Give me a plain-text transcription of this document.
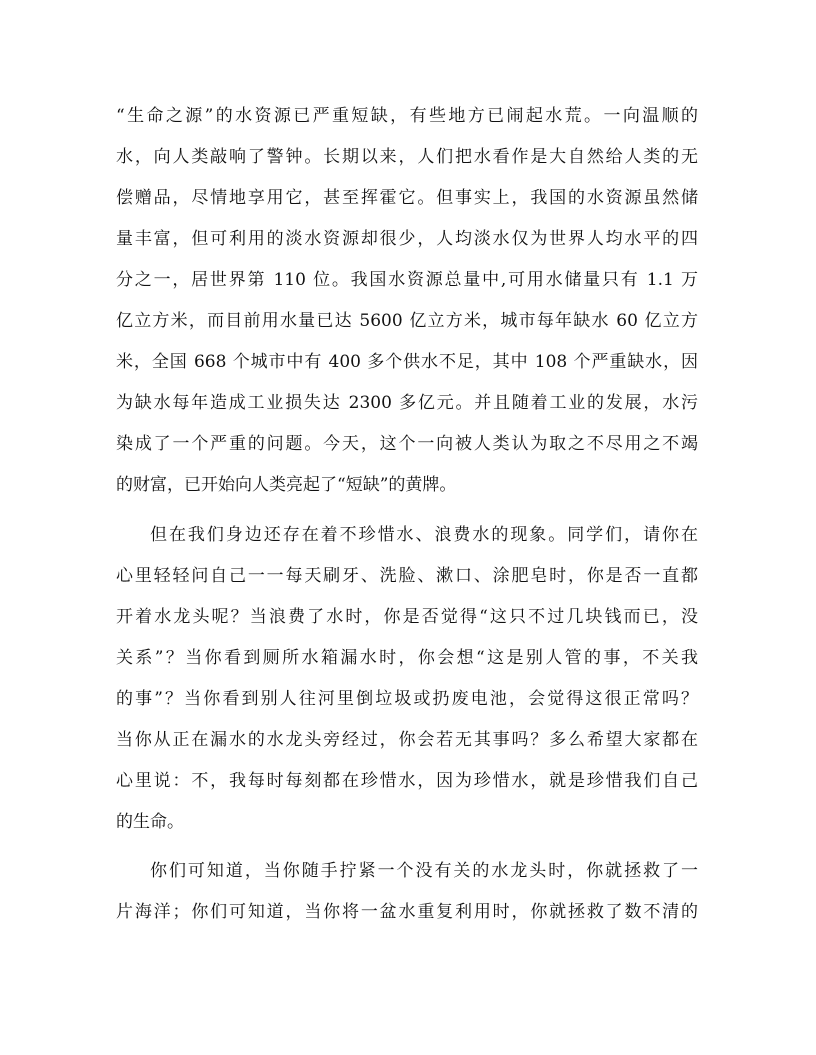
“生命之源”的水资源已严重短缺，有些地方已闹起水荒。一向温顺的
水，向人类敲响了警钟。长期以来，人们把水看作是大自然给人类的无
偿赠品，尽情地享用它，甚至挥霍它。但事实上，我国的水资源虽然储
量丰富，但可利用的淡水资源却很少，人均淡水仅为世界人均水平的四
分之一，居世界第 110 位。我国水资源总量中,可用水储量只有 1.1 万
亿立方米，而目前用水量已达 5600 亿立方米，城市每年缺水 60 亿立方
米，全国 668 个城市中有 400 多个供水不足，其中 108 个严重缺水，因
为缺水每年造成工业损失达 2300 多亿元。并且随着工业的发展，水污
染成了一个严重的问题。今天，这个一向被人类认为取之不尽用之不竭
的财富，已开始向人类亮起了“短缺”的黄牌。
但在我们身边还存在着不珍惜水、浪费水的现象。同学们，请你在
心里轻轻问自己一一每天刷牙、洗脸、漱口、涂肥皂时，你是否一直都
开着水龙头呢？当浪费了水时，你是否觉得“这只不过几块钱而已，没
关系”？当你看到厕所水箱漏水时，你会想“这是别人管的事，不关我
的事”？当你看到别人往河里倒垃圾或扔废电池，会觉得这很正常吗？
当你从正在漏水的水龙头旁经过，你会若无其事吗？多么希望大家都在
心里说：不，我每时每刻都在珍惜水，因为珍惜水，就是珍惜我们自己
的生命。
你们可知道，当你随手拧紧一个没有关的水龙头时，你就拯救了一
片海洋；你们可知道，当你将一盆水重复利用时，你就拯救了数不清的
